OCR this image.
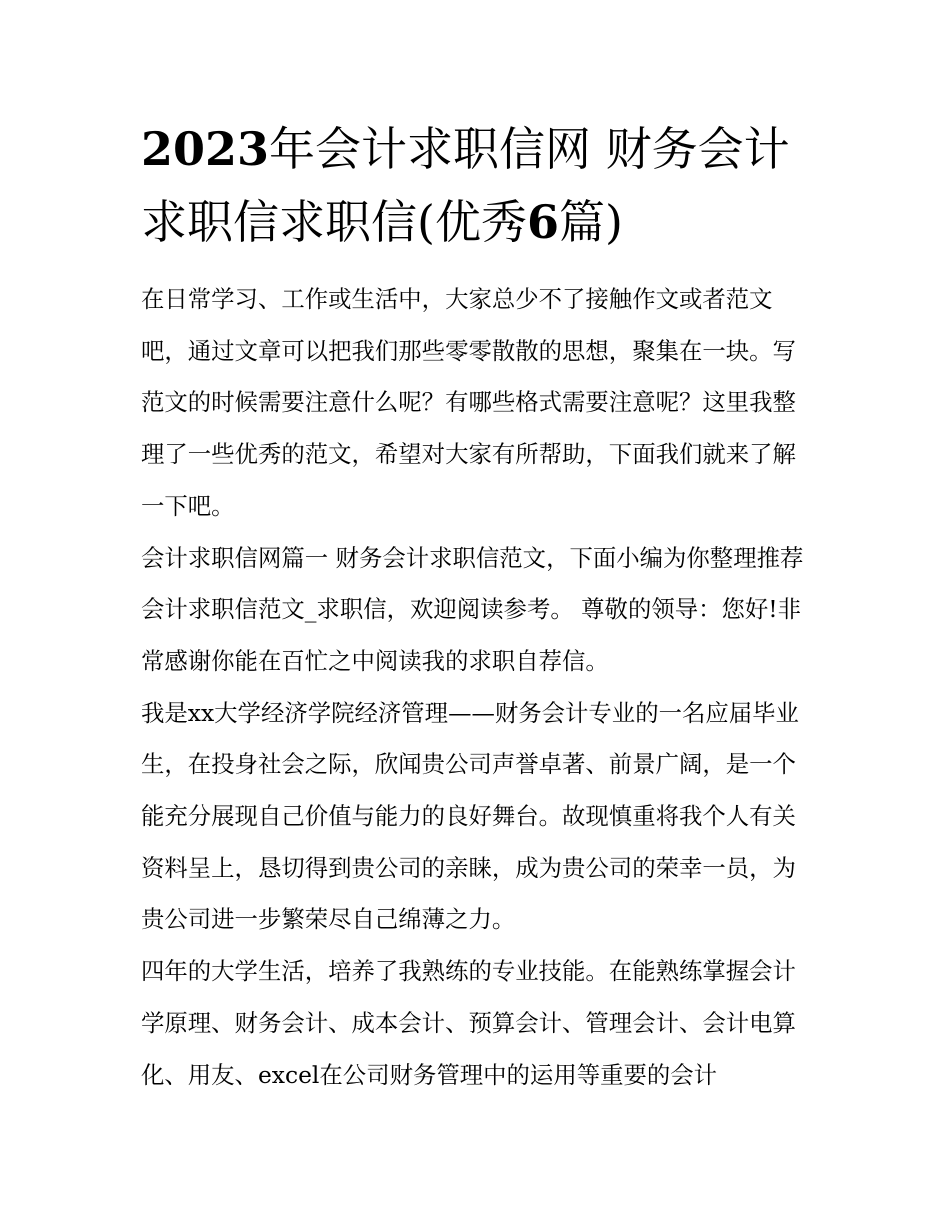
2023年会计求职信网 财务会计求职信求职信(优秀6篇)

在日常学习、工作或生活中，大家总少不了接触作文或者范文吧，通过文章可以把我们那些零零散散的思想，聚集在一块。写范文的时候需要注意什么呢？有哪些格式需要注意呢？这里我整理了一些优秀的范文，希望对大家有所帮助，下面我们就来了解一下吧。

会计求职信网篇一 财务会计求职信范文，下面小编为你整理推荐会计求职信范文_求职信，欢迎阅读参考。 尊敬的领导：您好!非常感谢你能在百忙之中阅读我的求职自荐信。

我是xx大学经济学院经济管理——财务会计专业的一名应届毕业生，在投身社会之际，欣闻贵公司声誉卓著、前景广阔，是一个能充分展现自己价值与能力的良好舞台。故现慎重将我个人有关资料呈上，恳切得到贵公司的亲睐，成为贵公司的荣幸一员，为贵公司进一步繁荣尽自己绵薄之力。

四年的大学生活，培养了我熟练的专业技能。在能熟练掌握会计学原理、财务会计、成本会计、预算会计、管理会计、会计电算化、用友、excel在公司财务管理中的运用等重要的会计
